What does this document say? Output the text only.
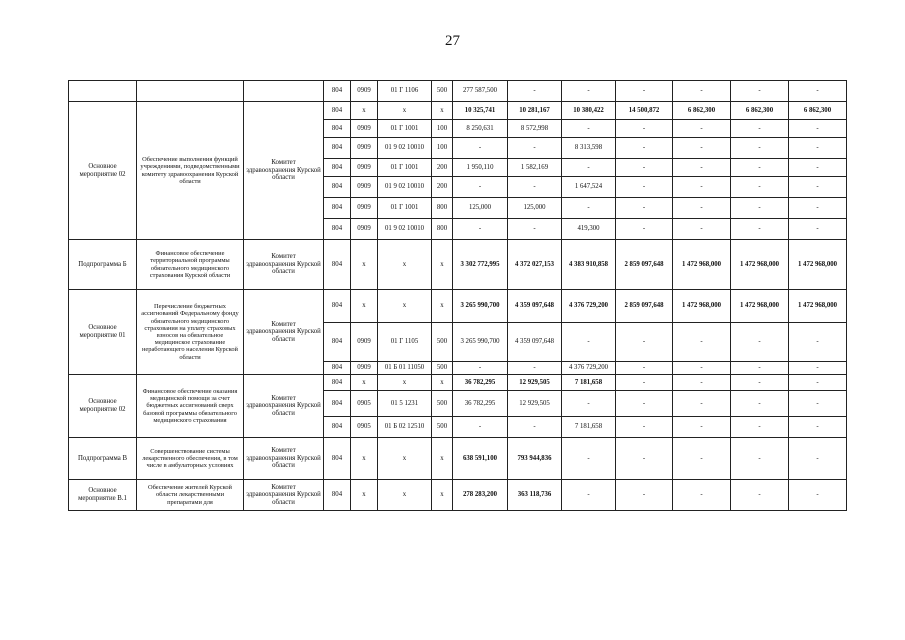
27
			804	0909	01 Г 1106	500	277 587,500	-	-	-	-	-	-
Основное мероприятие 02	Обеспечение выполнения функций учреждениями, подведомственными комитету здравоохранения Курской области	Комитет здравоохранения Курской области	804	x	x	x	10 325,741	10 281,167	10 380,422	14 500,872	6 862,300	6 862,300	6 862,300
			804	0909	01 Г 1001	100	8 250,631	8 572,998	-	-	-	-	-
			804	0909	01 9 02 10010	100	-	-	8 313,598	-	-	-	-
			804	0909	01 Г 1001	200	1 950,110	1 582,169	-	-	-	-	-
			804	0909	01 9 02 10010	200	-	-	1 647,524	-	-	-	-
			804	0909	01 Г 1001	800	125,000	125,000	-	-	-	-	-
			804	0909	01 9 02 10010	800	-	-	419,300	-	-	-	-
Подпрограмма Б	Финансовое обеспечение территориальной программы обязательного медицинского страхования Курской области	Комитет здравоохранения Курской области	804	x	x	x	3 302 772,995	4 372 027,153	4 383 910,858	2 859 097,648	1 472 968,000	1 472 968,000	1 472 968,000
Основное мероприятие 01	Перечисление бюджетных ассигнований Федеральному фонду обязательного медицинского страхования на уплату страховых взносов на обязательное медицинское страхование неработающего населения Курской области	Комитет здравоохранения Курской области	804	x	x	x	3 265 990,700	4 359 097,648	4 376 729,200	2 859 097,648	1 472 968,000	1 472 968,000	1 472 968,000
			804	0909	01 Г 1105	500	3 265 990,700	4 359 097,648	-	-	-	-	-
			804	0909	01 Б 01 11050	500	-	-	4 376 729,200	-	-	-	-
Основное мероприятие 02	Финансовое обеспечение оказания медицинской помощи за счет бюджетных ассигнований сверх базовой программы обязательного медицинского страхования	Комитет здравоохранения Курской области	804	x	x	x	36 782,295	12 929,505	7 181,658	-	-	-	-
			804	0905	01 5 1231	500	36 782,295	12 929,505	-	-	-	-	-
			804	0905	01 Б 02 12510	500	-	-	7 181,658	-	-	-	-
Подпрограмма В	Совершенствование системы лекарственного обеспечения, в том числе в амбулаторных условиях	Комитет здравоохранения Курской области	804	x	x	x	638 591,100	793 944,836	-	-	-	-	-
Основное мероприятие В.1	Обеспечение жителей Курской области лекарственными препаратами для	Комитет здравоохранения Курской области	804	x	x	x	278 283,200	363 118,736	-	-	-	-	-
